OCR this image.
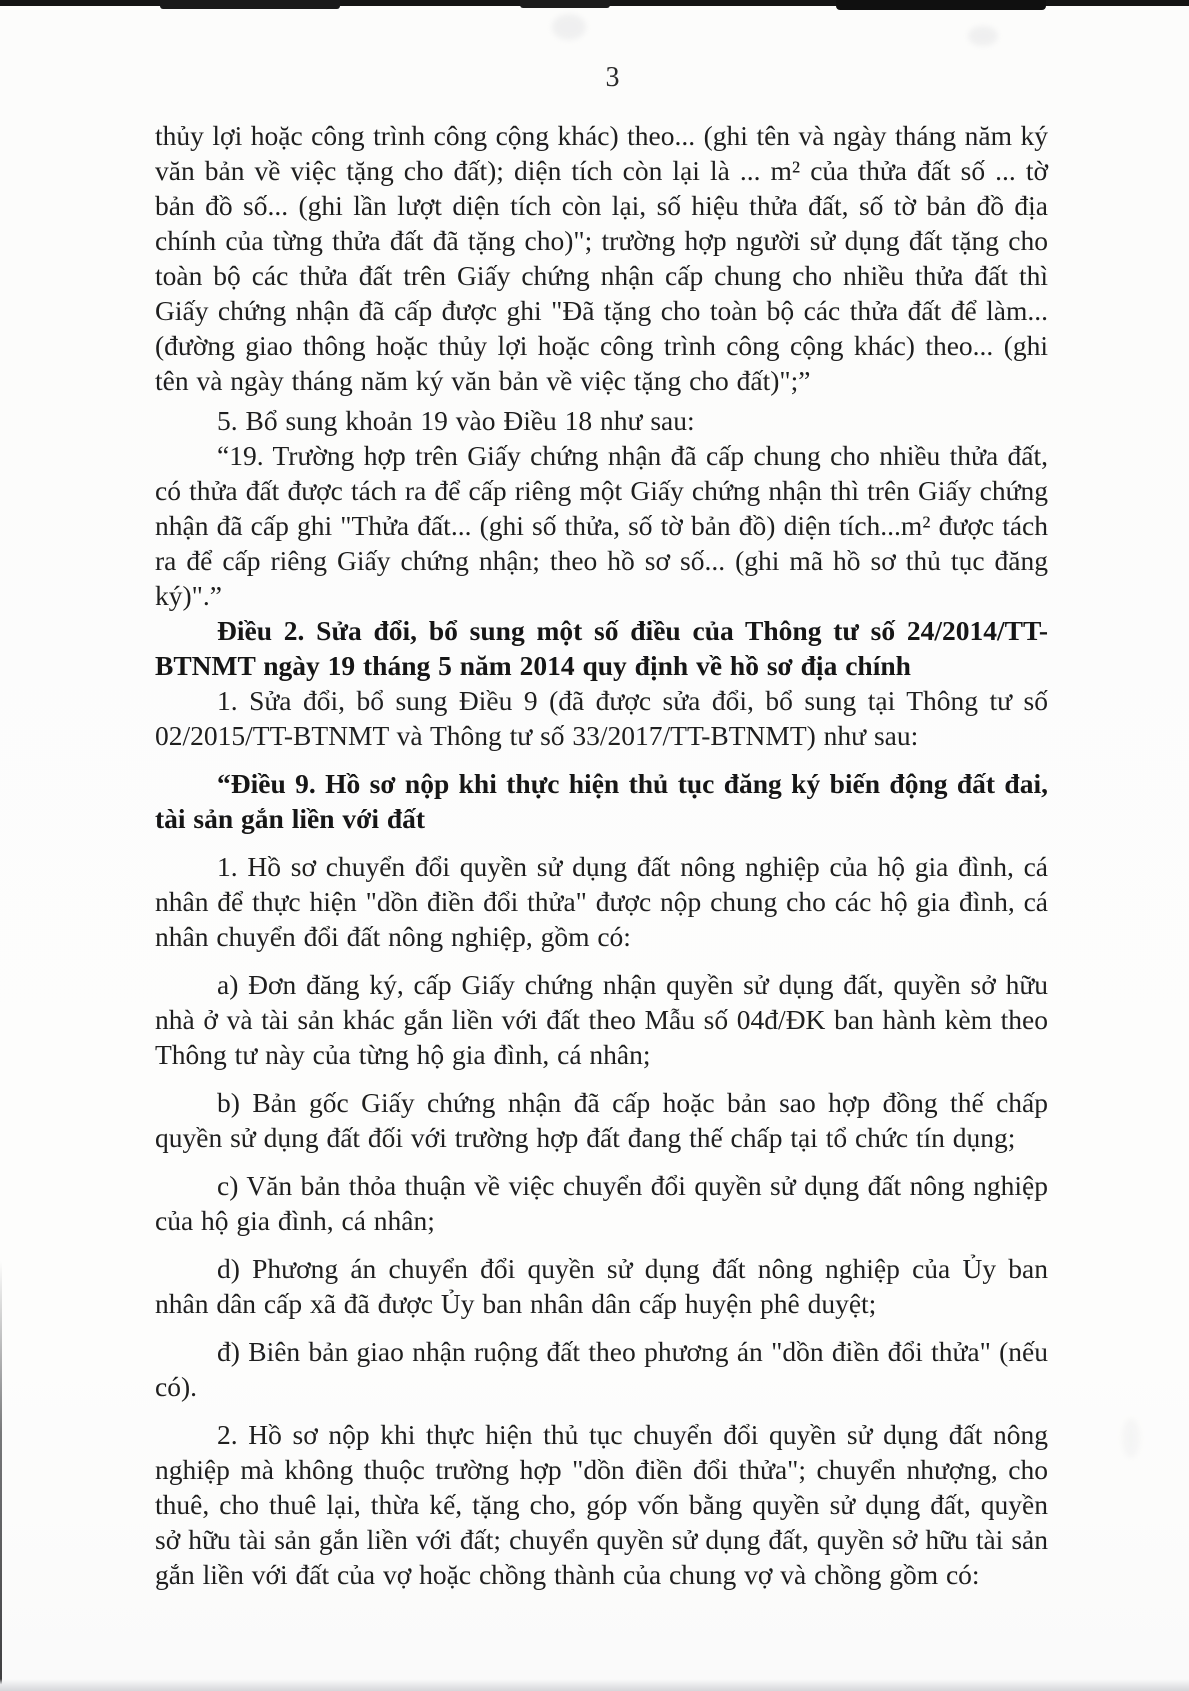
3

thủy lợi hoặc công trình công cộng khác) theo... (ghi tên và ngày tháng năm ký văn bản về việc tặng cho đất); diện tích còn lại là ... m² của thửa đất số ... tờ bản đồ số... (ghi lần lượt diện tích còn lại, số hiệu thửa đất, số tờ bản đồ địa chính của từng thửa đất đã tặng cho)"; trường hợp người sử dụng đất tặng cho toàn bộ các thửa đất trên Giấy chứng nhận cấp chung cho nhiều thửa đất thì Giấy chứng nhận đã cấp được ghi "Đã tặng cho toàn bộ các thửa đất để làm... (đường giao thông hoặc thủy lợi hoặc công trình công cộng khác) theo... (ghi tên và ngày tháng năm ký văn bản về việc tặng cho đất)";”

5. Bổ sung khoản 19 vào Điều 18 như sau:

“19. Trường hợp trên Giấy chứng nhận đã cấp chung cho nhiều thửa đất, có thửa đất được tách ra để cấp riêng một Giấy chứng nhận thì trên Giấy chứng nhận đã cấp ghi "Thửa đất... (ghi số thửa, số tờ bản đồ) diện tích...m² được tách ra để cấp riêng Giấy chứng nhận; theo hồ sơ số... (ghi mã hồ sơ thủ tục đăng ký)".”

Điều 2. Sửa đổi, bổ sung một số điều của Thông tư số 24/2014/TT-​BTNMT ngày 19 tháng 5 năm 2014 quy định về hồ sơ địa chính

1. Sửa đổi, bổ sung Điều 9 (đã được sửa đổi, bổ sung tại Thông tư số 02/2015/TT-BTNMT và Thông tư số 33/2017/TT-BTNMT) như sau:

“Điều 9. Hồ sơ nộp khi thực hiện thủ tục đăng ký biến động đất đai, tài sản gắn liền với đất

1. Hồ sơ chuyển đổi quyền sử dụng đất nông nghiệp của hộ gia đình, cá nhân để thực hiện "dồn điền đổi thửa" được nộp chung cho các hộ gia đình, cá nhân chuyển đổi đất nông nghiệp, gồm có:

a) Đơn đăng ký, cấp Giấy chứng nhận quyền sử dụng đất, quyền sở hữu nhà ở và tài sản khác gắn liền với đất theo Mẫu số 04đ/ĐK ban hành kèm theo Thông tư này của từng hộ gia đình, cá nhân;

b) Bản gốc Giấy chứng nhận đã cấp hoặc bản sao hợp đồng thế chấp quyền sử dụng đất đối với trường hợp đất đang thế chấp tại tổ chức tín dụng;

c) Văn bản thỏa thuận về việc chuyển đổi quyền sử dụng đất nông nghiệp của hộ gia đình, cá nhân;

d) Phương án chuyển đổi quyền sử dụng đất nông nghiệp của Ủy ban nhân dân cấp xã đã được Ủy ban nhân dân cấp huyện phê duyệt;

đ) Biên bản giao nhận ruộng đất theo phương án "dồn điền đổi thửa" (nếu có).

2. Hồ sơ nộp khi thực hiện thủ tục chuyển đổi quyền sử dụng đất nông nghiệp mà không thuộc trường hợp "dồn điền đổi thửa"; chuyển nhượng, cho thuê, cho thuê lại, thừa kế, tặng cho, góp vốn bằng quyền sử dụng đất, quyền sở hữu tài sản gắn liền với đất; chuyển quyền sử dụng đất, quyền sở hữu tài sản gắn liền với đất của vợ hoặc chồng thành của chung vợ và chồng gồm có:
